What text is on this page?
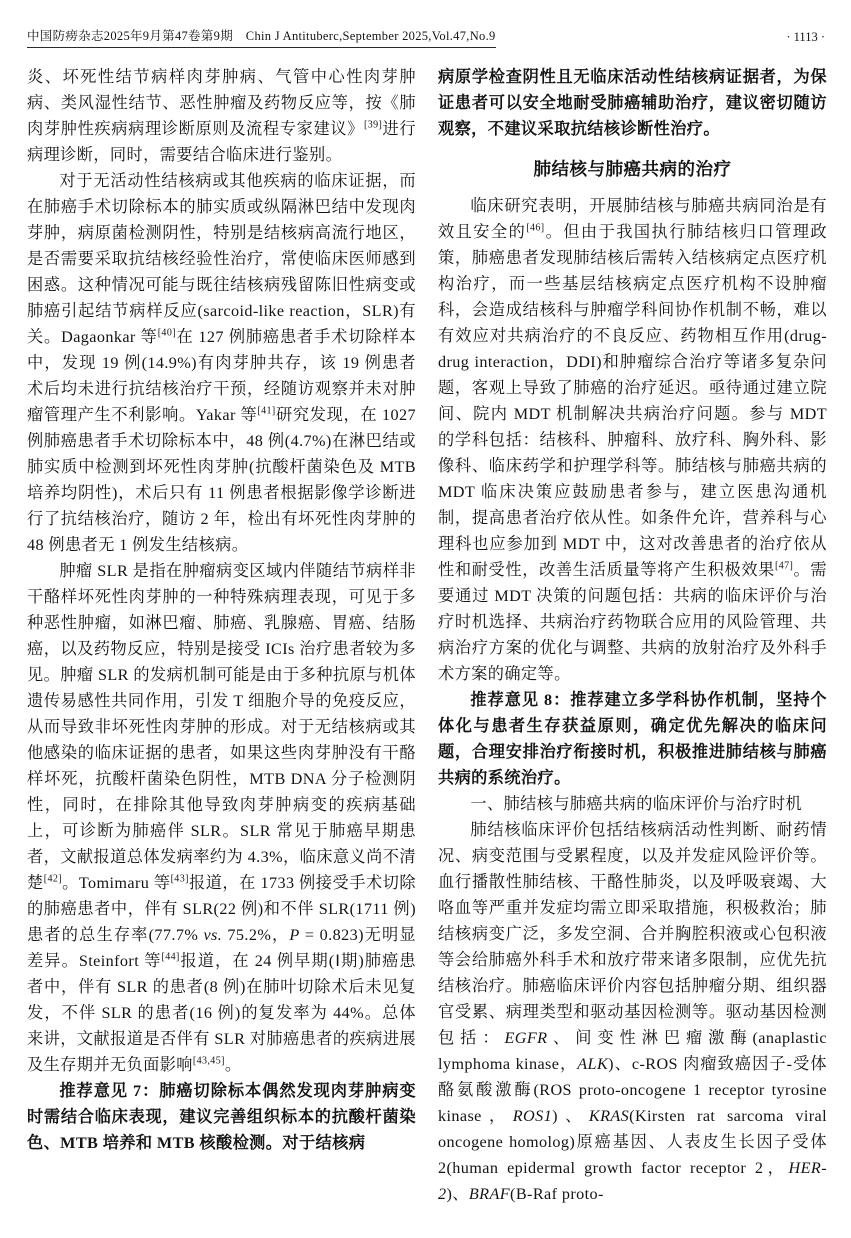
中国防痨杂志2025年9月第47卷第9期　Chin J Antituberc,September 2025,Vol.47,No.9	· 1113 ·

炎、坏死性结节病样肉芽肿病、气管中心性肉芽肿病、类风湿性结节、恶性肿瘤及药物反应等，按《肺肉芽肿性疾病病理诊断原则及流程专家建议》[39]进行病理诊断，同时，需要结合临床进行鉴别。

对于无活动性结核病或其他疾病的临床证据，而在肺癌手术切除标本的肺实质或纵隔淋巴结中发现肉芽肿，病原菌检测阴性，特别是结核病高流行地区，是否需要采取抗结核经验性治疗，常使临床医师感到困惑。这种情况可能与既往结核病残留陈旧性病变或肺癌引起结节病样反应(sarcoid-like reaction，SLR)有关。Dagaonkar 等[40]在 127 例肺癌患者手术切除样本中，发现 19 例(14.9%)有肉芽肿共存，该 19 例患者术后均未进行抗结核治疗干预，经随访观察并未对肿瘤管理产生不利影响。Yakar 等[41]研究发现，在 1027 例肺癌患者手术切除标本中，48 例(4.7%)在淋巴结或肺实质中检测到坏死性肉芽肿(抗酸杆菌染色及 MTB 培养均阴性)，术后只有 11 例患者根据影像学诊断进行了抗结核治疗，随访 2 年，检出有坏死性肉芽肿的 48 例患者无 1 例发生结核病。

肿瘤 SLR 是指在肿瘤病变区域内伴随结节病样非干酪样坏死性肉芽肿的一种特殊病理表现，可见于多种恶性肿瘤，如淋巴瘤、肺癌、乳腺癌、胃癌、结肠癌，以及药物反应，特别是接受 ICIs 治疗患者较为多见。肿瘤 SLR 的发病机制可能是由于多种抗原与机体遗传易感性共同作用，引发 T 细胞介导的免疫反应，从而导致非坏死性肉芽肿的形成。对于无结核病或其他感染的临床证据的患者，如果这些肉芽肿没有干酪样坏死，抗酸杆菌染色阴性，MTB DNA 分子检测阴性，同时，在排除其他导致肉芽肿病变的疾病基础上，可诊断为肺癌伴 SLR。SLR 常见于肺癌早期患者，文献报道总体发病率约为 4.3%，临床意义尚不清楚[42]。Tomimaru 等[43]报道，在 1733 例接受手术切除的肺癌患者中，伴有 SLR(22 例)和不伴 SLR(1711 例)患者的总生存率(77.7% vs. 75.2%，P = 0.823)无明显差异。Steinfort 等[44]报道，在 24 例早期(Ⅰ期)肺癌患者中，伴有 SLR 的患者(8 例)在肺叶切除术后未见复发，不伴 SLR 的患者(16 例)的复发率为 44%。总体来讲，文献报道是否伴有 SLR 对肺癌患者的疾病进展及生存期并无负面影响[43,45]。

推荐意见 7：肺癌切除标本偶然发现肉芽肿病变时需结合临床表现，建议完善组织标本的抗酸杆菌染色、MTB 培养和 MTB 核酸检测。对于结核病

病原学检查阴性且无临床活动性结核病证据者，为保证患者可以安全地耐受肺癌辅助治疗，建议密切随访观察，不建议采取抗结核诊断性治疗。

肺结核与肺癌共病的治疗

临床研究表明，开展肺结核与肺癌共病同治是有效且安全的[46]。但由于我国执行肺结核归口管理政策，肺癌患者发现肺结核后需转入结核病定点医疗机构治疗，而一些基层结核病定点医疗机构不设肿瘤科，会造成结核科与肿瘤学科间协作机制不畅，难以有效应对共病治疗的不良反应、药物相互作用(drug-drug interaction，DDI)和肿瘤综合治疗等诸多复杂问题，客观上导致了肺癌的治疗延迟。亟待通过建立院间、院内 MDT 机制解决共病治疗问题。参与 MDT 的学科包括：结核科、肿瘤科、放疗科、胸外科、影像科、临床药学和护理学科等。肺结核与肺癌共病的 MDT 临床决策应鼓励患者参与，建立医患沟通机制，提高患者治疗依从性。如条件允许，营养科与心理科也应参加到 MDT 中，这对改善患者的治疗依从性和耐受性，改善生活质量等将产生积极效果[47]。需要通过 MDT 决策的问题包括：共病的临床评价与治疗时机选择、共病治疗药物联合应用的风险管理、共病治疗方案的优化与调整、共病的放射治疗及外科手术方案的确定等。

推荐意见 8：推荐建立多学科协作机制，坚持个体化与患者生存获益原则，确定优先解决的临床问题，合理安排治疗衔接时机，积极推进肺结核与肺癌共病的系统治疗。

一、肺结核与肺癌共病的临床评价与治疗时机

肺结核临床评价包括结核病活动性判断、耐药情况、病变范围与受累程度，以及并发症风险评价等。血行播散性肺结核、干酪性肺炎，以及呼吸衰竭、大咯血等严重并发症均需立即采取措施，积极救治；肺结核病变广泛，多发空洞、合并胸腔积液或心包积液等会给肺癌外科手术和放疗带来诸多限制，应优先抗结核治疗。肺癌临床评价内容包括肿瘤分期、组织器官受累、病理类型和驱动基因检测等。驱动基因检测包括：EGFR、间变性淋巴瘤激酶(anaplastic lymphoma kinase，ALK)、c-ROS 肉瘤致癌因子-受体酪氨酸激酶(ROS proto-oncogene 1 receptor tyrosine kinase，ROS1)、KRAS(Kirsten rat sarcoma viral oncogene homolog)原癌基因、人表皮生长因子受体 2(human epidermal growth factor receptor 2，HER-2)、BRAF(B-Raf proto-
